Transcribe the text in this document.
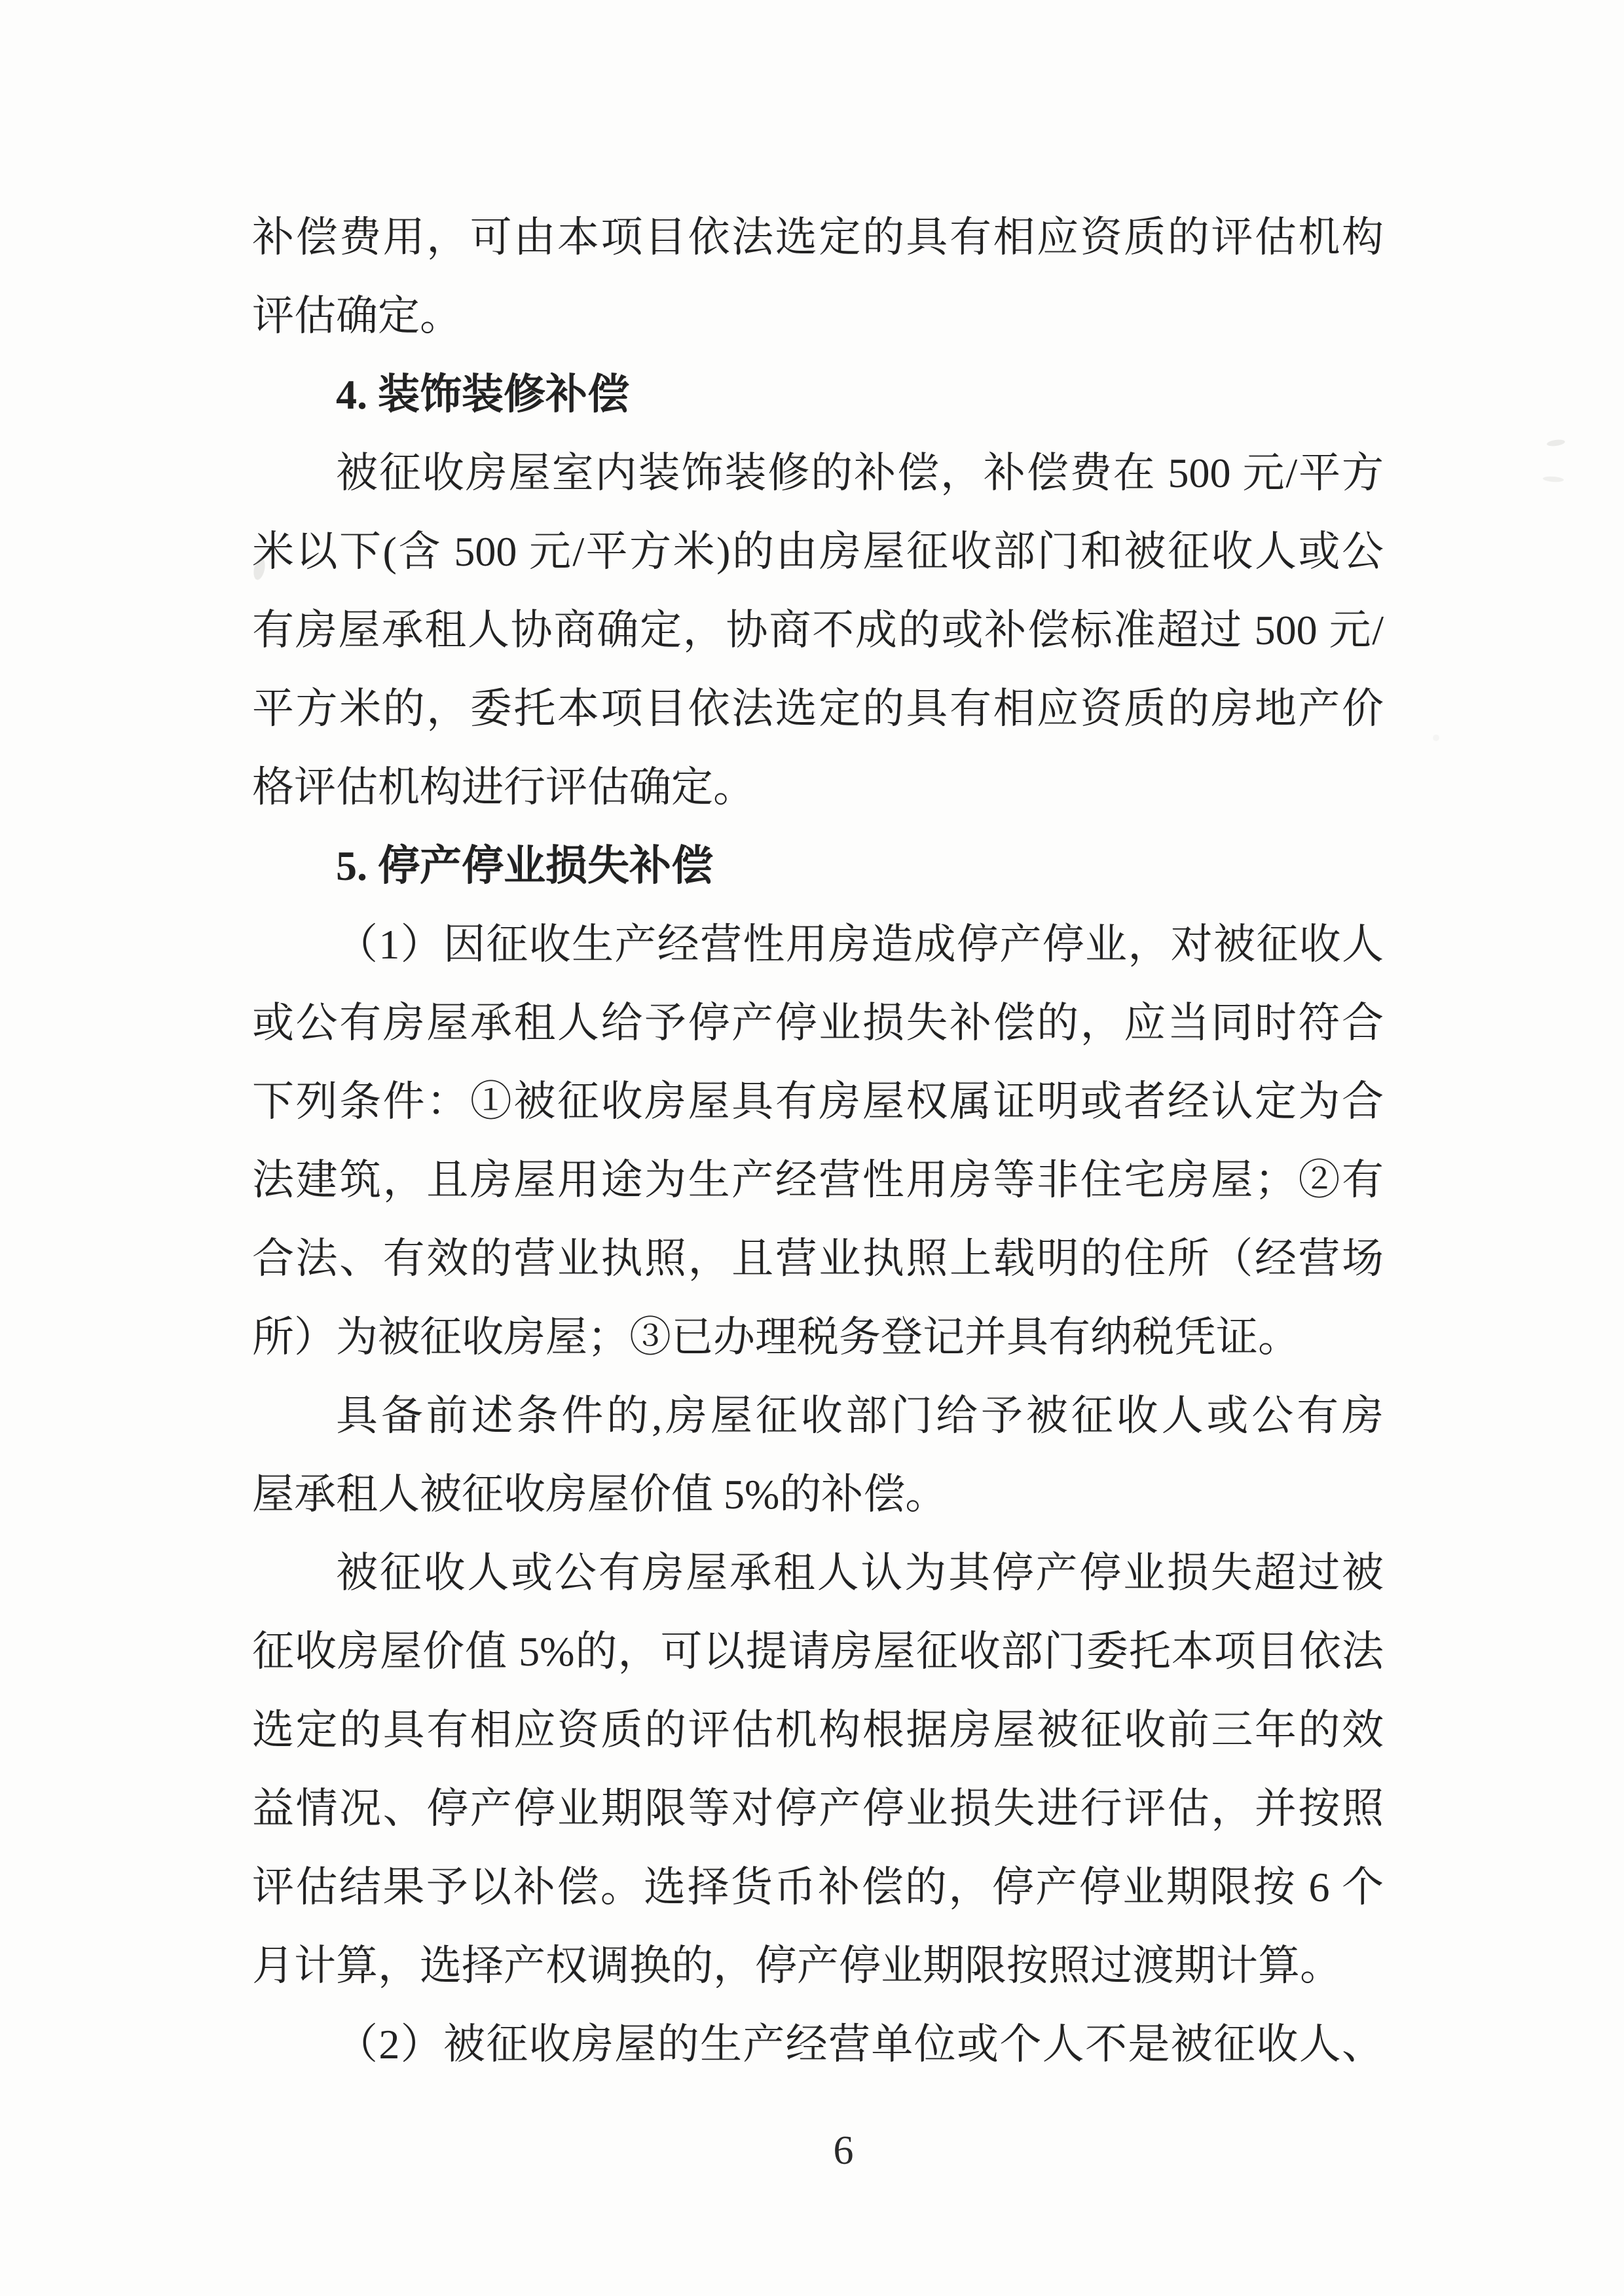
补偿费用，可由本项目依法选定的具有相应资质的评估机构
评估确定。
4. 装饰装修补偿
被征收房屋室内装饰装修的补偿，补偿费在 500 元/平方
米以下(含 500 元/平方米)的由房屋征收部门和被征收人或公
有房屋承租人协商确定，协商不成的或补偿标准超过 500 元/
平方米的，委托本项目依法选定的具有相应资质的房地产价
格评估机构进行评估确定。
5. 停产停业损失补偿
（1）因征收生产经营性用房造成停产停业，对被征收人
或公有房屋承租人给予停产停业损失补偿的，应当同时符合
下列条件：①被征收房屋具有房屋权属证明或者经认定为合
法建筑，且房屋用途为生产经营性用房等非住宅房屋；②有
合法、有效的营业执照，且营业执照上载明的住所（经营场
所）为被征收房屋；③已办理税务登记并具有纳税凭证。
具备前述条件的,房屋征收部门给予被征收人或公有房
屋承租人被征收房屋价值 5%的补偿。
被征收人或公有房屋承租人认为其停产停业损失超过被
征收房屋价值 5%的，可以提请房屋征收部门委托本项目依法
选定的具有相应资质的评估机构根据房屋被征收前三年的效
益情况、停产停业期限等对停产停业损失进行评估，并按照
评估结果予以补偿。选择货币补偿的，停产停业期限按 6 个
月计算，选择产权调换的，停产停业期限按照过渡期计算。
（2）被征收房屋的生产经营单位或个人不是被征收人、
6
